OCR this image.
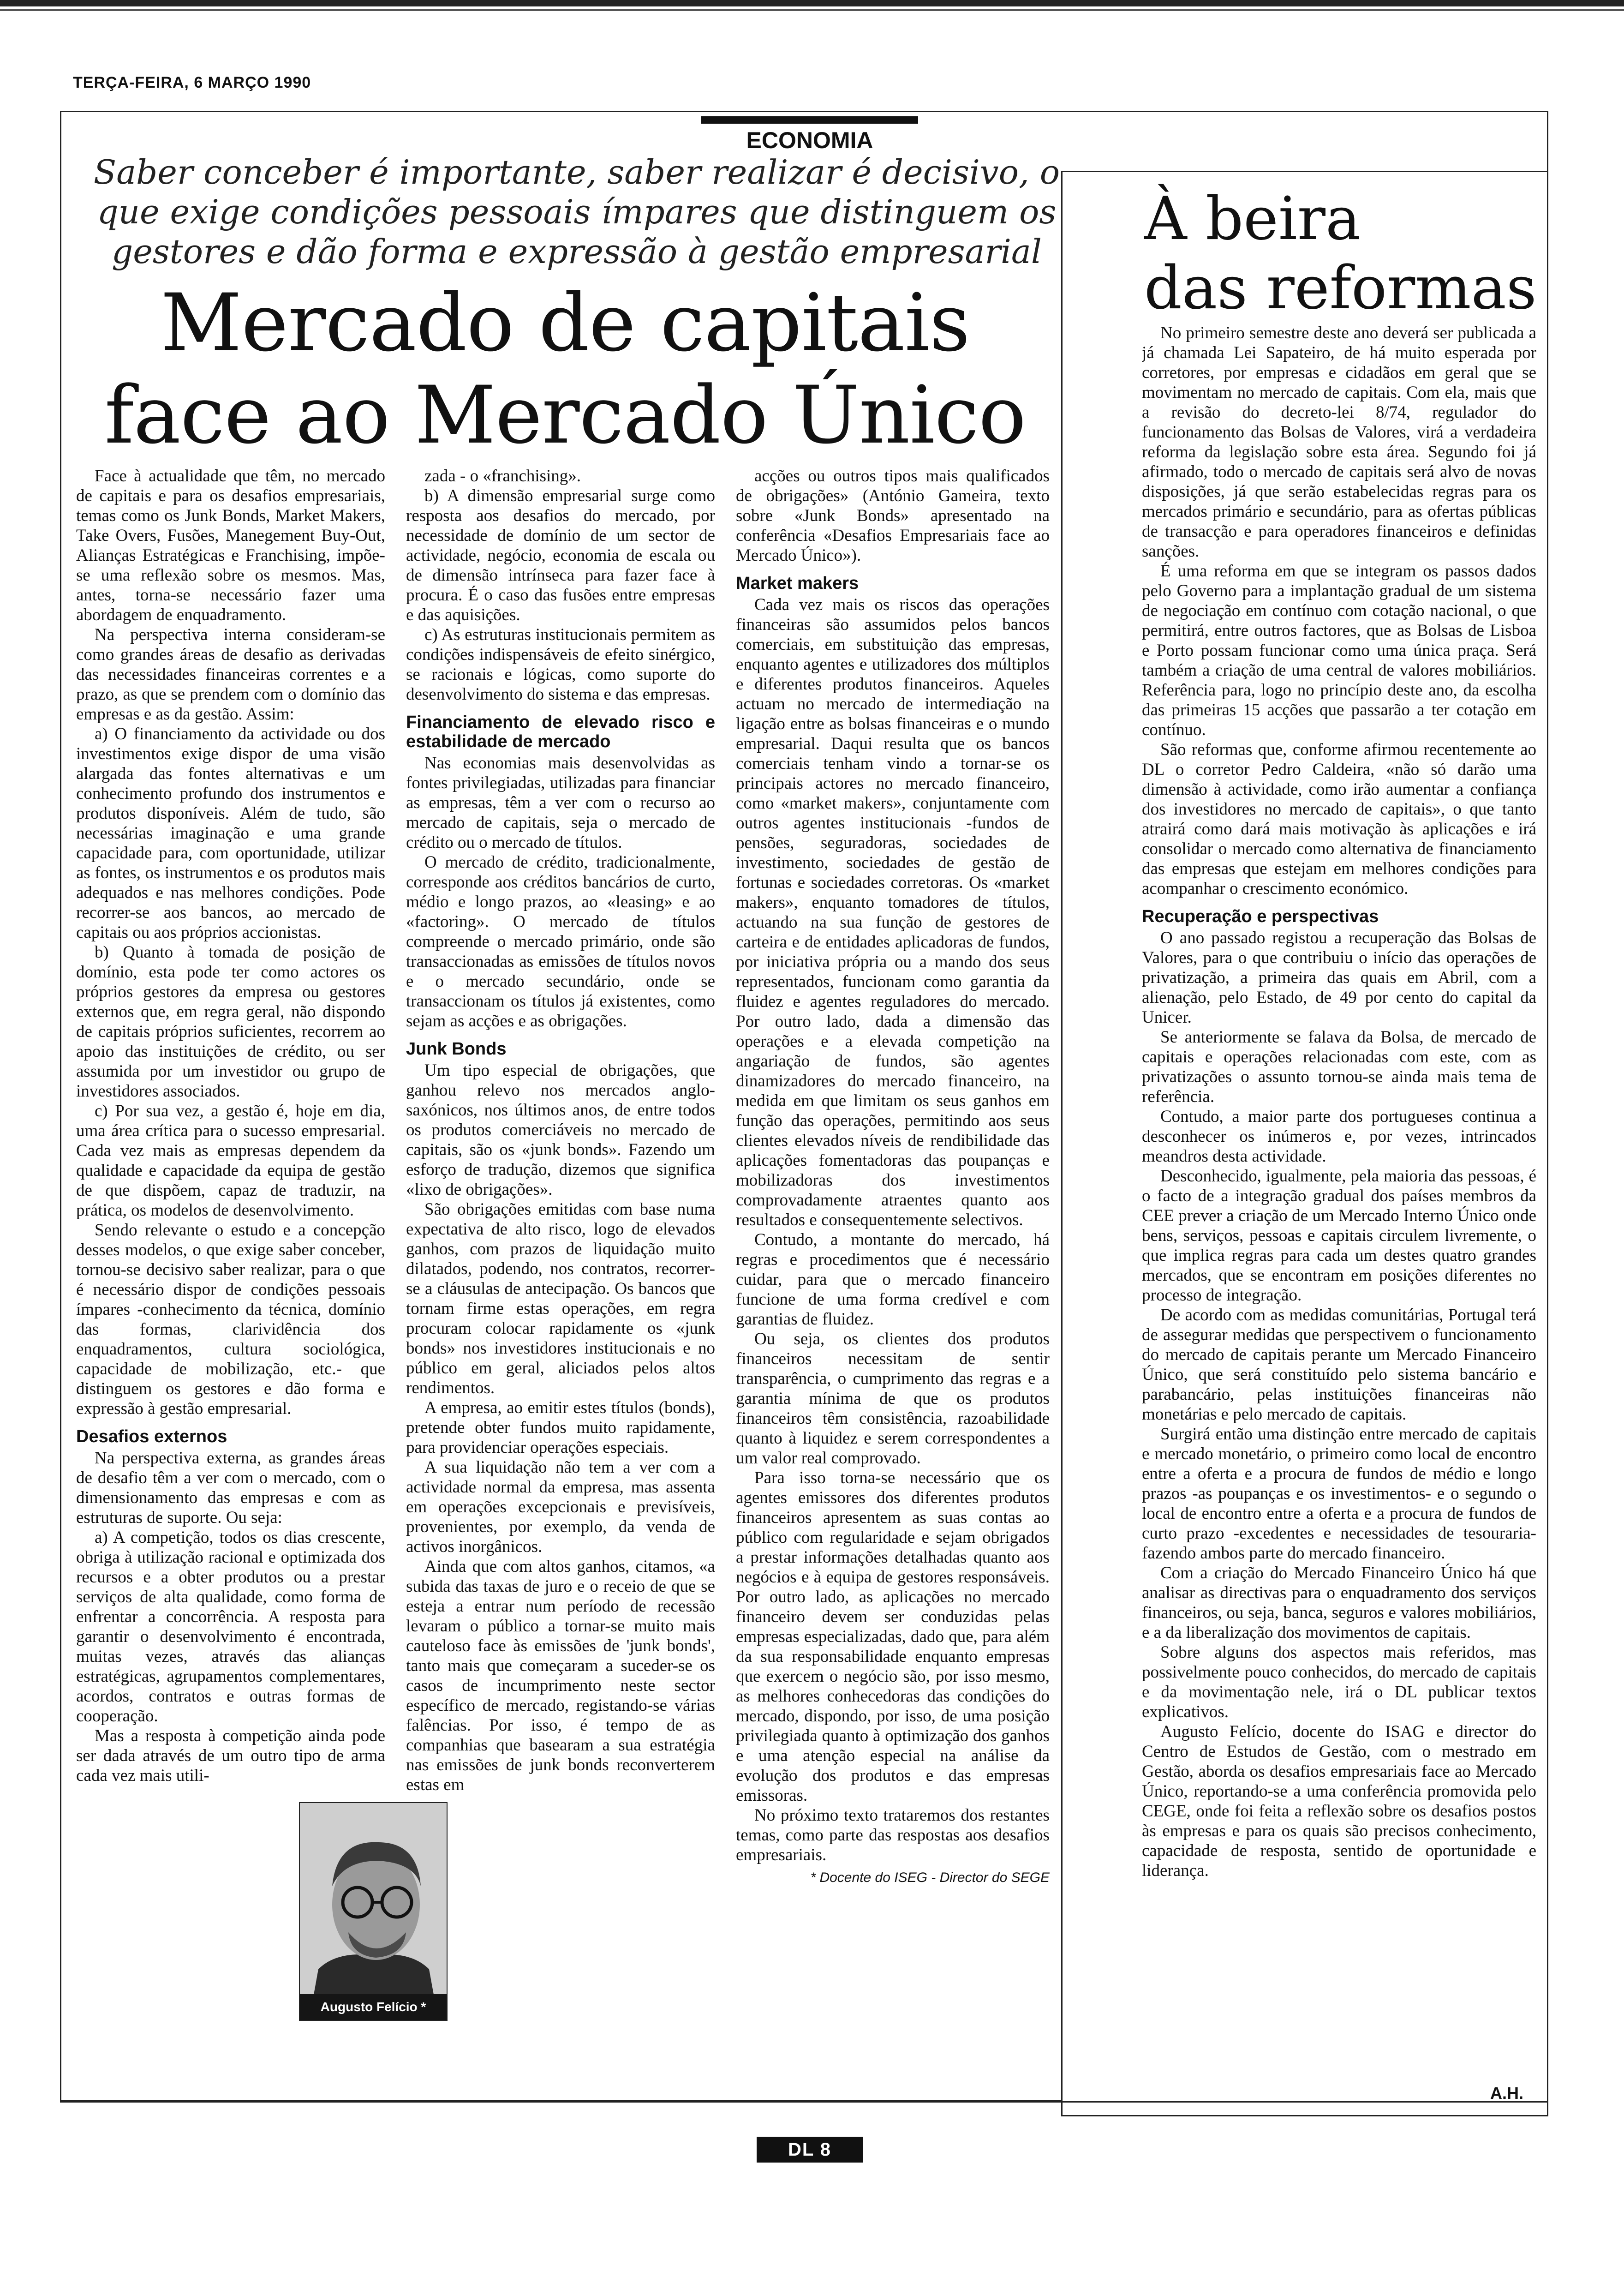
TERÇA-FEIRA, 6 MARÇO 1990
ECONOMIA
Saber conceber é importante, saber realizar é decisivo, o que exige condições pessoais ímpares que distinguem os gestores e dão forma e expressão à gestão empresarial
Mercado de capitais
face ao Mercado Único

Face à actualidade que têm, no mercado de capitais e para os desafios empresariais, temas como os Junk Bonds, Market Makers, Take Overs, Fusões, Manegement Buy-Out, Alianças Estratégicas e Franchising, impõe-se uma reflexão sobre os mesmos. Mas, antes, torna-se necessário fazer uma abordagem de enquadramento.

Na perspectiva interna consideram-se como grandes áreas de desafio as derivadas das necessidades financeiras correntes e a prazo, as que se prendem com o domínio das empresas e as da gestão. Assim:

a) O financiamento da actividade ou dos investimentos exige dispor de uma visão alargada das fontes alternativas e um conhecimento profundo dos instrumentos e produtos disponíveis. Além de tudo, são necessárias imaginação e uma grande capacidade para, com oportunidade, utilizar as fontes, os instrumentos e os produtos mais adequados e nas melhores condições. Pode recorrer-se aos bancos, ao mercado de capitais ou aos próprios accionistas.

b) Quanto à tomada de posição de domínio, esta pode ter como actores os próprios gestores da empresa ou gestores externos que, em regra geral, não dispondo de capitais próprios suficientes, recorrem ao apoio das instituições de crédito, ou ser assumida por um investidor ou grupo de investidores associados.

c) Por sua vez, a gestão é, hoje em dia, uma área crítica para o sucesso empresarial. Cada vez mais as empresas dependem da qualidade e capacidade da equipa de gestão de que dispõem, capaz de traduzir, na prática, os modelos de desenvolvimento.

Sendo relevante o estudo e a concepção desses modelos, o que exige saber conceber, tornou-se decisivo saber realizar, para o que é necessário dispor de condições pessoais ímpares -conhecimento da técnica, domínio das formas, clarividência dos enquadramentos, cultura sociológica, capacidade de mobilização, etc.- que distinguem os gestores e dão forma e expressão à gestão empresarial.

Desafios externos

Na perspectiva externa, as grandes áreas de desafio têm a ver com o mercado, com o dimensionamento das empresas e com as estruturas de suporte. Ou seja:

a) A competição, todos os dias crescente, obriga à utilização racional e optimizada dos recursos e a obter produtos ou a prestar serviços de alta qualidade, como forma de enfrentar a concorrência. A resposta para garantir o desenvolvimento é encontrada, muitas vezes, através das alianças estratégicas, agrupamentos complementares, acordos, contratos e outras formas de cooperação.

Mas a resposta à competição ainda pode ser dada através de um outro tipo de arma cada vez mais utili-

zada - o «franchising».

b) A dimensão empresarial surge como resposta aos desafios do mercado, por necessidade de domínio de um sector de actividade, negócio, economia de escala ou de dimensão intrínseca para fazer face à procura. É o caso das fusões entre empresas e das aquisições.

c) As estruturas institucionais permitem as condições indispensáveis de efeito sinérgico, se racionais e lógicas, como suporte do desenvolvimento do sistema e das empresas.

Financiamento de elevado risco e estabilidade de mercado

Nas economias mais desenvolvidas as fontes privilegiadas, utilizadas para financiar as empresas, têm a ver com o recurso ao mercado de capitais, seja o mercado de crédito ou o mercado de títulos.

O mercado de crédito, tradicionalmente, corresponde aos créditos bancários de curto, médio e longo prazos, ao «leasing» e ao «factoring». O mercado de títulos compreende o mercado primário, onde são transaccionadas as emissões de títulos novos e o mercado secundário, onde se transaccionam os títulos já existentes, como sejam as acções e as obrigações.

Junk Bonds

Um tipo especial de obrigações, que ganhou relevo nos mercados anglo-saxónicos, nos últimos anos, de entre todos os produtos comerciáveis no mercado de capitais, são os «junk bonds». Fazendo um esforço de tradução, dizemos que significa «lixo de obrigações».

São obrigações emitidas com base numa expectativa de alto risco, logo de elevados ganhos, com prazos de liquidação muito dilatados, podendo, nos contratos, recorrer-se a cláusulas de antecipação. Os bancos que tornam firme estas operações, em regra procuram colocar rapidamente os «junk bonds» nos investidores institucionais e no público em geral, aliciados pelos altos rendimentos.

A empresa, ao emitir estes títulos (bonds), pretende obter fundos muito rapidamente, para providenciar operações especiais.

A sua liquidação não tem a ver com a actividade normal da empresa, mas assenta em operações excepcionais e previsíveis, provenientes, por exemplo, da venda de activos inorgânicos.

Ainda que com altos ganhos, citamos, «a subida das taxas de juro e o receio de que se esteja a entrar num período de recessão levaram o público a tornar-se muito mais cauteloso face às emissões de 'junk bonds', tanto mais que começaram a suceder-se os casos de incumprimento neste sector específico de mercado, registando-se várias falências. Por isso, é tempo de as companhias que basearam a sua estratégia nas emissões de junk bonds reconverterem estas em

acções ou outros tipos mais qualificados de obrigações» (António Gameira, texto sobre «Junk Bonds» apresentado na conferência «Desafios Empresariais face ao Mercado Único»).

Market makers

Cada vez mais os riscos das operações financeiras são assumidos pelos bancos comerciais, em substituição das empresas, enquanto agentes e utilizadores dos múltiplos e diferentes produtos financeiros. Aqueles actuam no mercado de intermediação na ligação entre as bolsas financeiras e o mundo empresarial. Daqui resulta que os bancos comerciais tenham vindo a tornar-se os principais actores no mercado financeiro, como «market makers», conjuntamente com outros agentes institucionais -fundos de pensões, seguradoras, sociedades de investimento, sociedades de gestão de fortunas e sociedades corretoras. Os «market makers», enquanto tomadores de títulos, actuando na sua função de gestores de carteira e de entidades aplicadoras de fundos, por iniciativa própria ou a mando dos seus representados, funcionam como garantia da fluidez e agentes reguladores do mercado. Por outro lado, dada a dimensão das operações e a elevada competição na angariação de fundos, são agentes dinamizadores do mercado financeiro, na medida em que limitam os seus ganhos em função das operações, permitindo aos seus clientes elevados níveis de rendibilidade das aplicações fomentadoras das poupanças e mobilizadoras dos investimentos comprovadamente atraentes quanto aos resultados e consequentemente selectivos.

Contudo, a montante do mercado, há regras e procedimentos que é necessário cuidar, para que o mercado financeiro funcione de uma forma credível e com garantias de fluidez.

Ou seja, os clientes dos produtos financeiros necessitam de sentir transparência, o cumprimento das regras e a garantia mínima de que os produtos financeiros têm consistência, razoabilidade quanto à liquidez e serem correspondentes a um valor real comprovado.

Para isso torna-se necessário que os agentes emissores dos diferentes produtos financeiros apresentem as suas contas ao público com regularidade e sejam obrigados a prestar informações detalhadas quanto aos negócios e à equipa de gestores responsáveis. Por outro lado, as aplicações no mercado financeiro devem ser conduzidas pelas empresas especializadas, dado que, para além da sua responsabilidade enquanto empresas que exercem o negócio são, por isso mesmo, as melhores conhecedoras das condições do mercado, dispondo, por isso, de uma posição privilegiada quanto à optimização dos ganhos e uma atenção especial na análise da evolução dos produtos e das empresas emissoras.

No próximo texto trataremos dos restantes temas, como parte das respostas aos desafios empresariais.

* Docente do ISEG - Director do SEGE
Augusto Felício *
À beira
das reformas

No primeiro semestre deste ano deverá ser publicada a já chamada Lei Sapateiro, de há muito esperada por corretores, por empresas e cidadãos em geral que se movimentam no mercado de capitais. Com ela, mais que a revisão do decreto-lei 8/74, regulador do funcionamento das Bolsas de Valores, virá a verdadeira reforma da legislação sobre esta área. Segundo foi já afirmado, todo o mercado de capitais será alvo de novas disposições, já que serão estabelecidas regras para os mercados primário e secundário, para as ofertas públicas de transacção e para operadores financeiros e definidas sanções.

É uma reforma em que se integram os passos dados pelo Governo para a implantação gradual de um sistema de negociação em contínuo com cotação nacional, o que permitirá, entre outros factores, que as Bolsas de Lisboa e Porto possam funcionar como uma única praça. Será também a criação de uma central de valores mobiliários. Referência para, logo no princípio deste ano, da escolha das primeiras 15 acções que passarão a ter cotação em contínuo.

São reformas que, conforme afirmou recentemente ao DL o corretor Pedro Caldeira, «não só darão uma dimensão à actividade, como irão aumentar a confiança dos investidores no mercado de capitais», o que tanto atrairá como dará mais motivação às aplicações e irá consolidar o mercado como alternativa de financiamento das empresas que estejam em melhores condições para acompanhar o crescimento económico.

Recuperação e perspectivas

O ano passado registou a recuperação das Bolsas de Valores, para o que contribuiu o início das operações de privatização, a primeira das quais em Abril, com a alienação, pelo Estado, de 49 por cento do capital da Unicer.

Se anteriormente se falava da Bolsa, de mercado de capitais e operações relacionadas com este, com as privatizações o assunto tornou-se ainda mais tema de referência.

Contudo, a maior parte dos portugueses continua a desconhecer os inúmeros e, por vezes, intrincados meandros desta actividade.

Desconhecido, igualmente, pela maioria das pessoas, é o facto de a integração gradual dos países membros da CEE prever a criação de um Mercado Interno Único onde bens, serviços, pessoas e capitais circulem livremente, o que implica regras para cada um destes quatro grandes mercados, que se encontram em posições diferentes no processo de integração.

De acordo com as medidas comunitárias, Portugal terá de assegurar medidas que perspectivem o funcionamento do mercado de capitais perante um Mercado Financeiro Único, que será constituído pelo sistema bancário e parabancário, pelas instituições financeiras não monetárias e pelo mercado de capitais.

Surgirá então uma distinção entre mercado de capitais e mercado monetário, o primeiro como local de encontro entre a oferta e a procura de fundos de médio e longo prazos -as poupanças e os investimentos- e o segundo o local de encontro entre a oferta e a procura de fundos de curto prazo -excedentes e necessidades de tesouraria- fazendo ambos parte do mercado financeiro.

Com a criação do Mercado Financeiro Único há que analisar as directivas para o enquadramento dos serviços financeiros, ou seja, banca, seguros e valores mobiliários, e a da liberalização dos movimentos de capitais.

Sobre alguns dos aspectos mais referidos, mas possivelmente pouco conhecidos, do mercado de capitais e da movimentação nele, irá o DL publicar textos explicativos.

Augusto Felício, docente do ISAG e director do Centro de Estudos de Gestão, com o mestrado em Gestão, aborda os desafios empresariais face ao Mercado Único, reportando-se a uma conferência promovida pelo CEGE, onde foi feita a reflexão sobre os desafios postos às empresas e para os quais são precisos conhecimento, capacidade de resposta, sentido de oportunidade e liderança.

A.H.
DL 8
